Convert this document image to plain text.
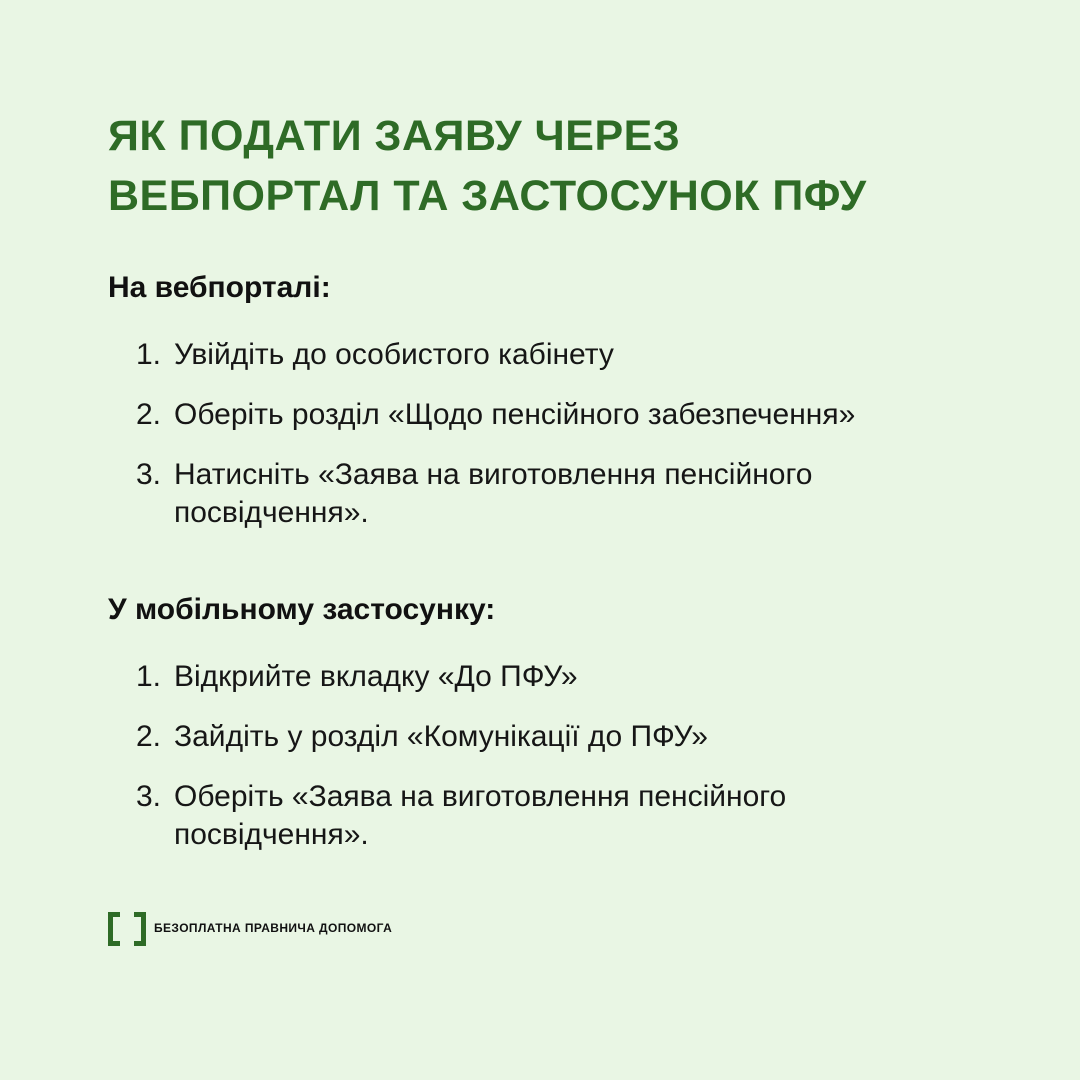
ЯК ПОДАТИ ЗАЯВУ ЧЕРЕЗ
ВЕБПОРТАЛ ТА ЗАСТОСУНОК ПФУ
На вебпорталі:
1. Увійдіть до особистого кабінету
2. Оберіть розділ «Щодо пенсійного забезпечення»
3. Натисніть «Заява на виготовлення пенсійного посвідчення».
У мобільному застосунку:
1. Відкрийте вкладку «До ПФУ»
2. Зайдіть у розділ «Комунікації до ПФУ»
3. Оберіть «Заява на виготовлення пенсійного посвідчення».
БЕЗОПЛАТНА ПРАВНИЧА ДОПОМОГА
